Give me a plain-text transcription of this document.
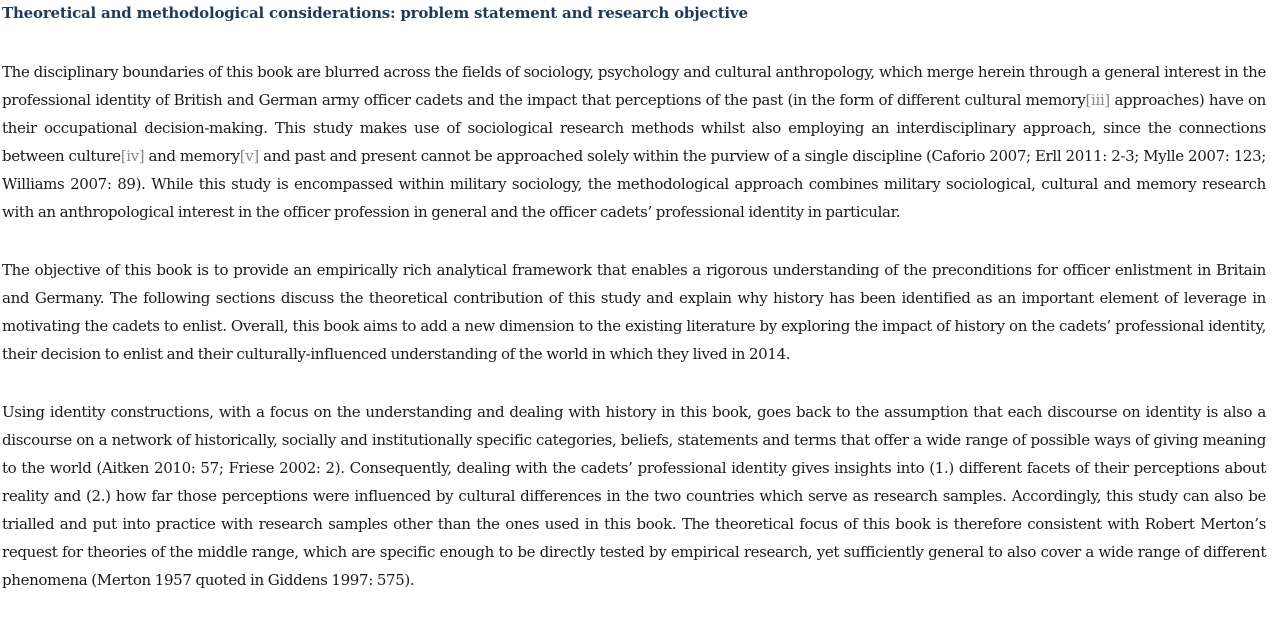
Theoretical and methodological considerations: problem statement and research objective

The disciplinary boundaries of this book are blurred across the fields of sociology, psychology and cultural anthropology, which merge herein through a general interest in the professional identity of British and German army officer cadets and the impact that perceptions of the past (in the form of different cultural memory[iii] approaches) have on their occupational decision-making. This study makes use of sociological research methods whilst also employing an interdisciplinary approach, since the connections between culture[iv] and memory[v] and past and present cannot be approached solely within the purview of a single discipline (Caforio 2007; Erll 2011: 2-3; Mylle 2007: 123; Williams 2007: 89). While this study is encompassed within military sociology, the methodological approach combines military sociological, cultural and memory research with an anthropological interest in the officer profession in general and the officer cadets’ professional identity in particular.

The objective of this book is to provide an empirically rich analytical framework that enables a rigorous understanding of the preconditions for officer enlistment in Britain and Germany. The following sections discuss the theoretical contribution of this study and explain why history has been identified as an important element of leverage in motivating the cadets to enlist. Overall, this book aims to add a new dimension to the existing literature by exploring the impact of history on the cadets’ professional identity, their decision to enlist and their culturally-influenced understanding of the world in which they lived in 2014.

Using identity constructions, with a focus on the understanding and dealing with history in this book, goes back to the assumption that each discourse on identity is also a discourse on a network of historically, socially and institutionally specific categories, beliefs, statements and terms that offer a wide range of possible ways of giving meaning to the world (Aitken 2010: 57; Friese 2002: 2). Consequently, dealing with the cadets’ professional identity gives insights into (1.) different facets of their perceptions about reality and (2.) how far those perceptions were influenced by cultural differences in the two countries which serve as research samples. Accordingly, this study can also be trialled and put into practice with research samples other than the ones used in this book. The theoretical focus of this book is therefore consistent with Robert Merton’s request for theories of the middle range, which are specific enough to be directly tested by empirical research, yet sufficiently general to also cover a wide range of different phenomena (Merton 1957 quoted in Giddens 1997: 575).
